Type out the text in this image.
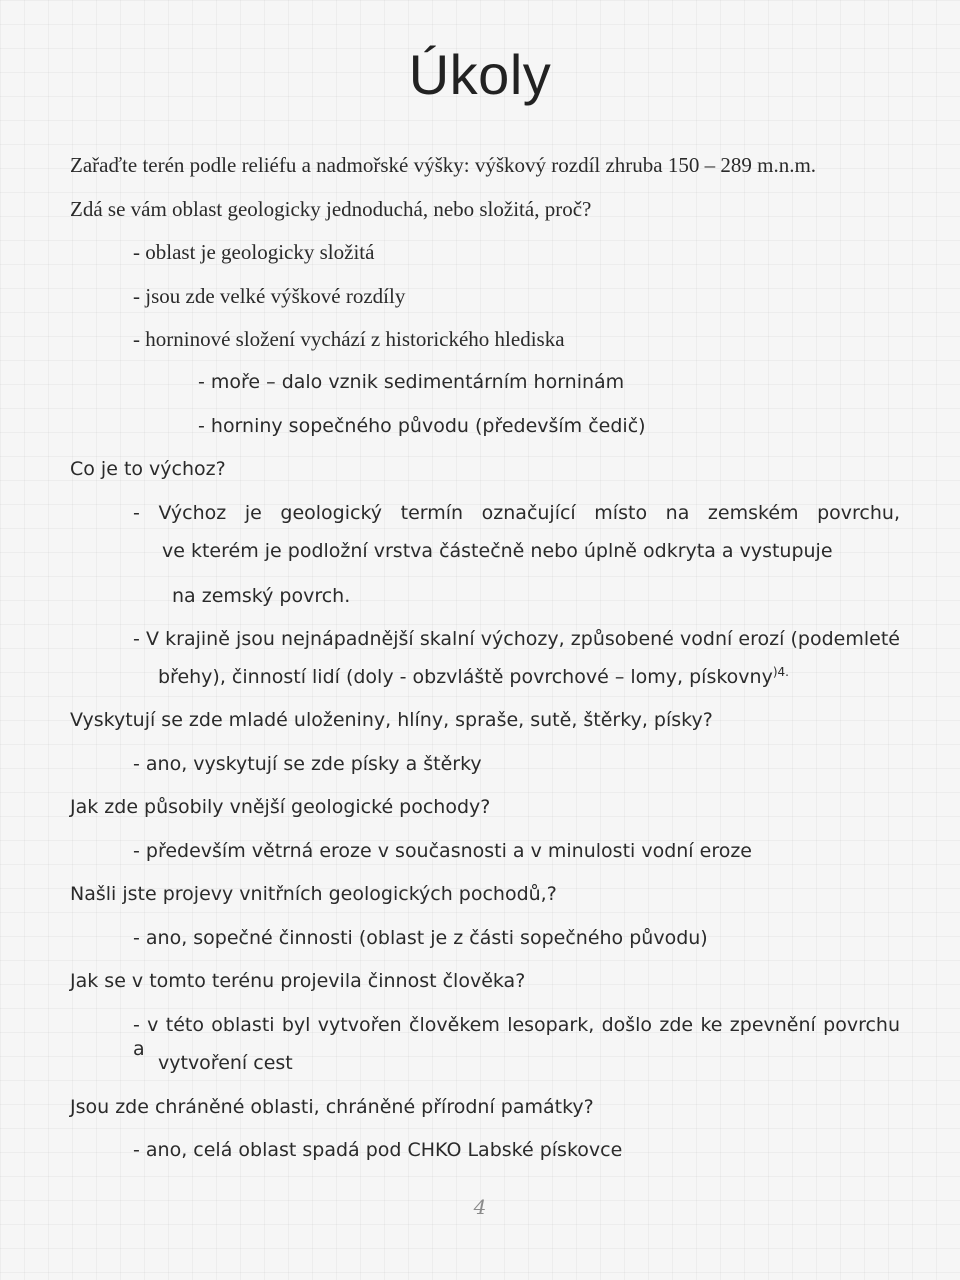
Úkoly
Zařaďte terén podle reliéfu a nadmořské výšky: výškový rozdíl zhruba 150 – 289 m.n.m.
Zdá se vám oblast geologicky jednoduchá, nebo složitá, proč?
- oblast je geologicky složitá
- jsou zde velké výškové rozdíly
- horninové složení vychází z historického hlediska
- moře – dalo vznik sedimentárním horninám
- horniny sopečného původu (především čedič)
Co je to výchoz?
- Výchoz je geologický termín označující místo na zemském povrchu,
ve kterém je podložní vrstva částečně nebo úplně odkryta a vystupuje
na zemský povrch.
- V krajině jsou nejnápadnější skalní výchozy, způsobené vodní erozí (podemleté
břehy), činností lidí (doly - obzvláště povrchové – lomy, pískovny$^{)4.}$
Vyskytují se zde mladé uloženiny, hlíny, spraše, sutě, štěrky, písky?
- ano, vyskytují se zde písky a štěrky
Jak zde působily vnější geologické pochody?
- především větrná eroze v současnosti a v minulosti vodní eroze
Našli jste projevy vnitřních geologických pochodů,?
- ano, sopečné činnosti (oblast je z části sopečného původu)
Jak se v tomto terénu projevila činnost člověka?
- v této oblasti byl vytvořen člověkem lesopark, došlo zde ke zpevnění povrchu a
vytvoření cest
Jsou zde chráněné oblasti, chráněné přírodní památky?
- ano, celá oblast spadá pod CHKO Labské pískovce
4
